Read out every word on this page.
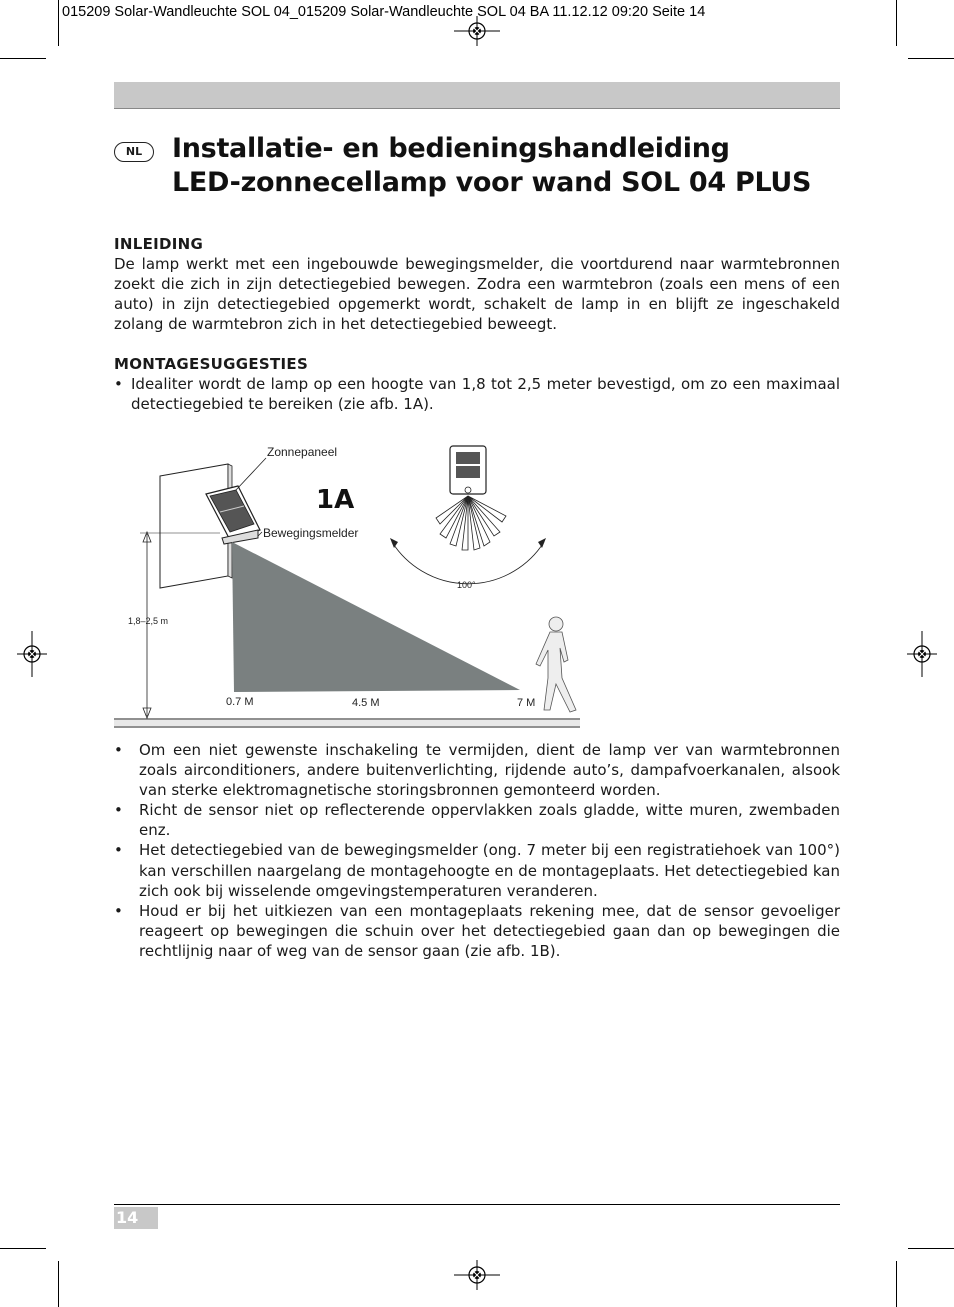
015209 Solar-Wandleuchte SOL 04_015209 Solar-Wandleuchte SOL 04 BA 11.12.12 09:20 Seite 14
NL	Installatie- en bedieningshandleiding
LED-zonnecellamp voor wand SOL 04 PLUS
INLEIDING

De lamp werkt met een ingebouwde bewegingsmelder, die voortdurend naar warmtebronnen zoekt die zich in zijn detectiegebied bewegen. Zodra een warmtebron (zoals een mens of een auto) in zijn detectiegebied opgemerkt wordt, schakelt de lamp in en blijft ze ingeschakeld zolang de warmtebron zich in het detectiegebied beweegt.

MONTAGESUGGESTIES
• Idealiter wordt de lamp op een hoogte van 1,8 tot 2,5 meter bevestigd, om zo een maximaal detectiegebied te bereiken (zie afb. 1A).
Zonnepaneel
Bewegingsmelder
1A
1,8–2,5 m
100°
0.7 M	4.5 M	7 M
• Om een niet gewenste inschakeling te vermijden, dient de lamp ver van warmtebronnen zoals airconditioners, andere buitenverlichting, rijdende auto’s, dampafvoerkanalen, alsook van sterke elektromagnetische storingsbronnen gemonteerd worden.
• Richt de sensor niet op reflecterende oppervlakken zoals gladde, witte muren, zwembaden enz.
• Het detectiegebied van de bewegingsmelder (ong. 7 meter bij een registratiehoek van 100°) kan verschillen naargelang de montagehoogte en de montageplaats. Het detectiegebied kan zich ook bij wisselende omgevingstemperaturen veranderen.
• Houd er bij het uitkiezen van een montageplaats rekening mee, dat de sensor gevoeliger reageert op bewegingen die schuin over het detectiegebied gaan dan op bewegingen die rechtlijnig naar of weg van de sensor gaan (zie afb. 1B).
14
